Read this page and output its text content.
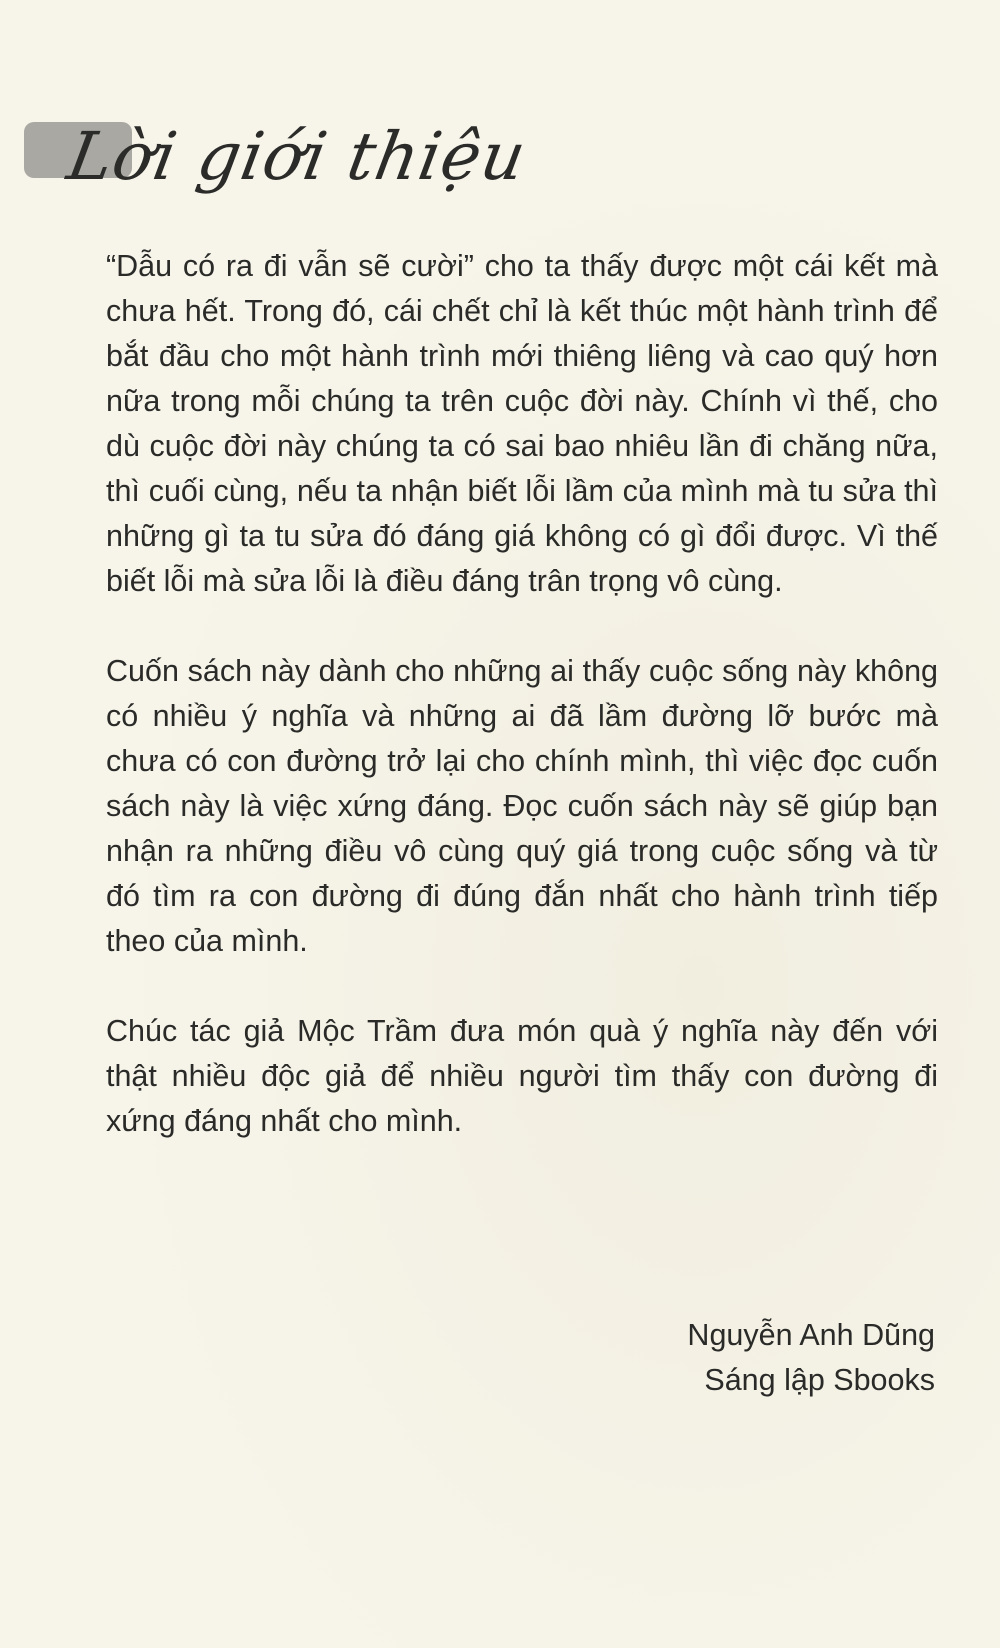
Lời giới thiệu

“Dẫu có ra đi vẫn sẽ cười” cho ta thấy được một cái kết mà chưa hết. Trong đó, cái chết chỉ là kết thúc một hành trình để bắt đầu cho một hành trình mới thiêng liêng và cao quý hơn nữa trong mỗi chúng ta trên cuộc đời này. Chính vì thế, cho dù cuộc đời này chúng ta có sai bao nhiêu lần đi chăng nữa, thì cuối cùng, nếu ta nhận biết lỗi lầm của mình mà tu sửa thì những gì ta tu sửa đó đáng giá không có gì đổi được. Vì thế biết lỗi mà sửa lỗi là điều đáng trân trọng vô cùng.

Cuốn sách này dành cho những ai thấy cuộc sống này không có nhiều ý nghĩa và những ai đã lầm đường lỡ bước mà chưa có con đường trở lại cho chính mình, thì việc đọc cuốn sách này là việc xứng đáng. Đọc cuốn sách này sẽ giúp bạn nhận ra những điều vô cùng quý giá trong cuộc sống và từ đó tìm ra con đường đi đúng đắn nhất cho hành trình tiếp theo của mình.

Chúc tác giả Mộc Trầm đưa món quà ý nghĩa này đến với thật nhiều độc giả để nhiều người tìm thấy con đường đi xứng đáng nhất cho mình.

Nguyễn Anh Dũng
Sáng lập Sbooks
